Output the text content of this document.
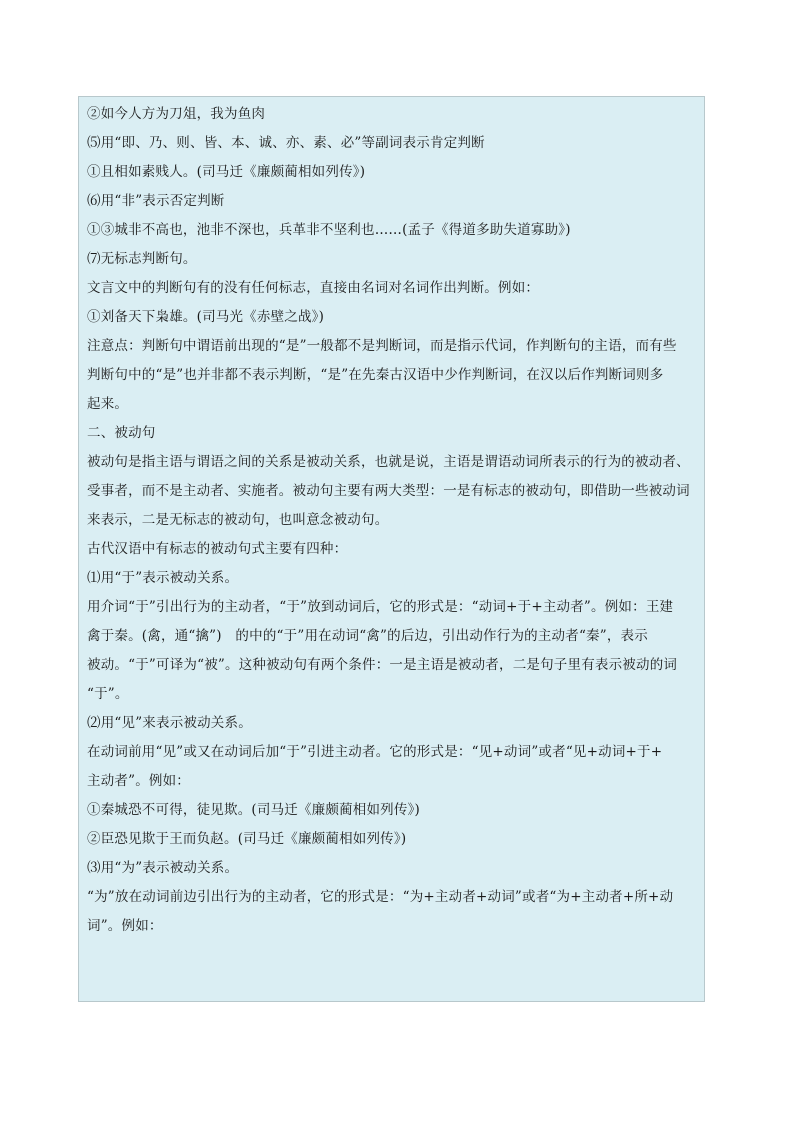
②如今人方为刀俎，我为鱼肉
⑸用“即、乃、则、皆、本、诚、亦、素、必”等副词表示肯定判断
①且相如素贱人。(司马迁《廉颇蔺相如列传》)
⑹用“非”表示否定判断
①③城非不高也，池非不深也，兵革非不坚利也……(孟子《得道多助失道寡助》)
⑺无标志判断句。
文言文中的判断句有的没有任何标志，直接由名词对名词作出判断。例如：
①刘备天下枭雄。(司马光《赤壁之战》)
注意点：判断句中谓语前出现的“是”一般都不是判断词，而是指示代词，作判断句的主语，而有些
判断句中的“是”也并非都不表示判断，“是”在先秦古汉语中少作判断词，在汉以后作判断词则多
起来。
二、被动句
被动句是指主语与谓语之间的关系是被动关系，也就是说，主语是谓语动词所表示的行为的被动者、
受事者，而不是主动者、实施者。被动句主要有两大类型：一是有标志的被动句，即借助一些被动词
来表示，二是无标志的被动句，也叫意念被动句。
古代汉语中有标志的被动句式主要有四种：
⑴用“于”表示被动关系。
用介词“于”引出行为的主动者，“于”放到动词后，它的形式是：“动词+于+主动者”。例如：王建
禽于秦。(禽，通“擒”)　的中的“于”用在动词“禽”的后边，引出动作行为的主动者“秦”，表示
被动。“于”可译为“被”。这种被动句有两个条件：一是主语是被动者，二是句子里有表示被动的词
“于”。
⑵用“见”来表示被动关系。
在动词前用“见”或又在动词后加“于”引进主动者。它的形式是：“见+动词”或者“见+动词+于+
主动者”。例如：
①秦城恐不可得，徒见欺。(司马迁《廉颇蔺相如列传》)
②臣恐见欺于王而负赵。(司马迁《廉颇蔺相如列传》)
⑶用“为”表示被动关系。
“为”放在动词前边引出行为的主动者，它的形式是：“为+主动者+动词”或者“为+主动者+所+动
词”。例如：
